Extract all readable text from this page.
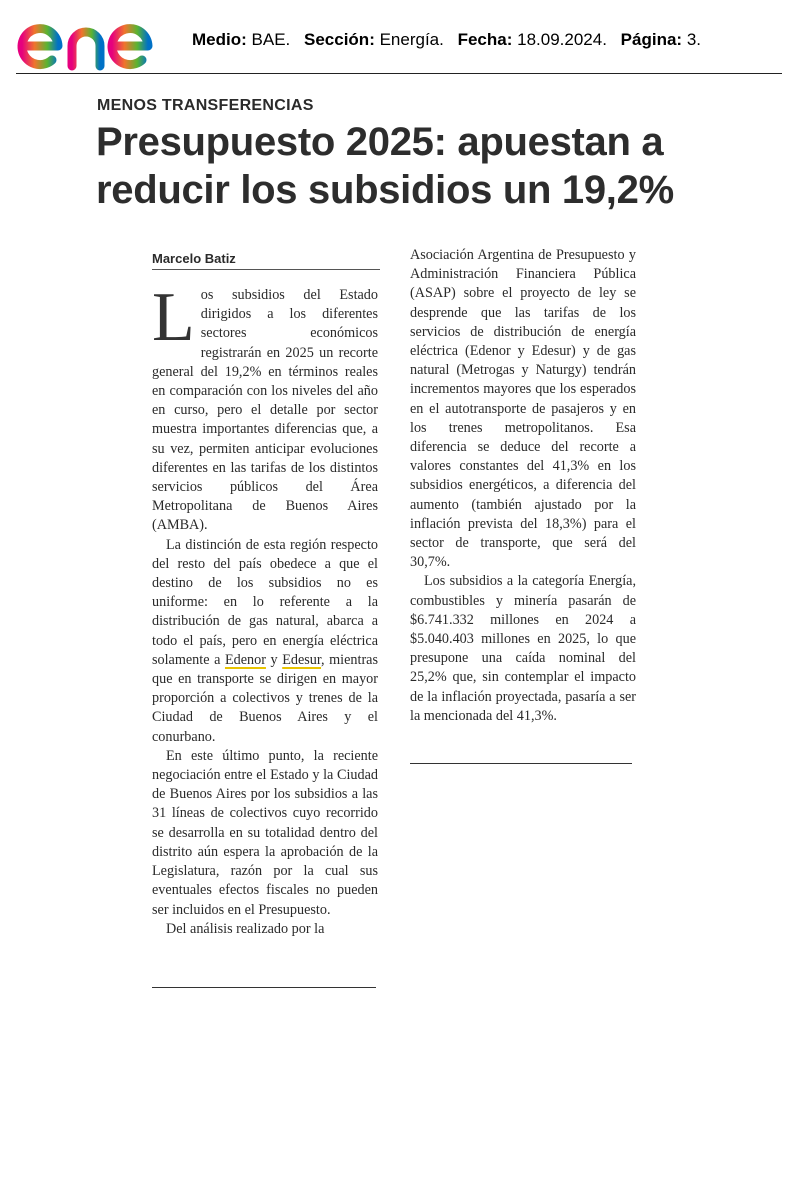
Medio: BAE. Sección: Energía. Fecha: 18.09.2024. Página: 3.
MENOS TRANSFERENCIAS
Presupuesto 2025: apuestan a reducir los subsidios un 19,2%
Marcelo Batiz

Los subsidios del Estado dirigidos a los diferentes sectores económicos registrarán en 2025 un recorte general del 19,2% en términos reales en comparación con los niveles del año en curso, pero el detalle por sector muestra importantes diferencias que, a su vez, permiten anticipar evoluciones diferentes en las tarifas de los distintos servicios públicos del Área Metropolitana de Buenos Aires (AMBA).

La distinción de esta región respecto del resto del país obedece a que el destino de los subsidios no es uniforme: en lo referente a la distribución de gas natural, abarca a todo el país, pero en energía eléctrica solamente a Edenor y Edesur, mientras que en transporte se dirigen en mayor proporción a colectivos y trenes de la Ciudad de Buenos Aires y el conurbano.

En este último punto, la reciente negociación entre el Estado y la Ciudad de Buenos Aires por los subsidios a las 31 líneas de colectivos cuyo recorrido se desarrolla en su totalidad dentro del distrito aún espera la aprobación de la Legislatura, razón por la cual sus eventuales efectos fiscales no pueden ser incluidos en el Presupuesto.

Del análisis realizado por la

Asociación Argentina de Presupuesto y Administración Financiera Pública (ASAP) sobre el proyecto de ley se desprende que las tarifas de los servicios de distribución de energía eléctrica (Edenor y Edesur) y de gas natural (Metrogas y Naturgy) tendrán incrementos mayores que los esperados en el autotransporte de pasajeros y en los trenes metropolitanos. Esa diferencia se deduce del recorte a valores constantes del 41,3% en los subsidios energéticos, a diferencia del aumento (también ajustado por la inflación prevista del 18,3%) para el sector de transporte, que será del 30,7%.

Los subsidios a la categoría Energía, combustibles y minería pasarán de $6.741.332 millones en 2024 a $5.040.403 millones en 2025, lo que presupone una caída nominal del 25,2% que, sin contemplar el impacto de la inflación proyectada, pasaría a ser la mencionada del 41,3%.
